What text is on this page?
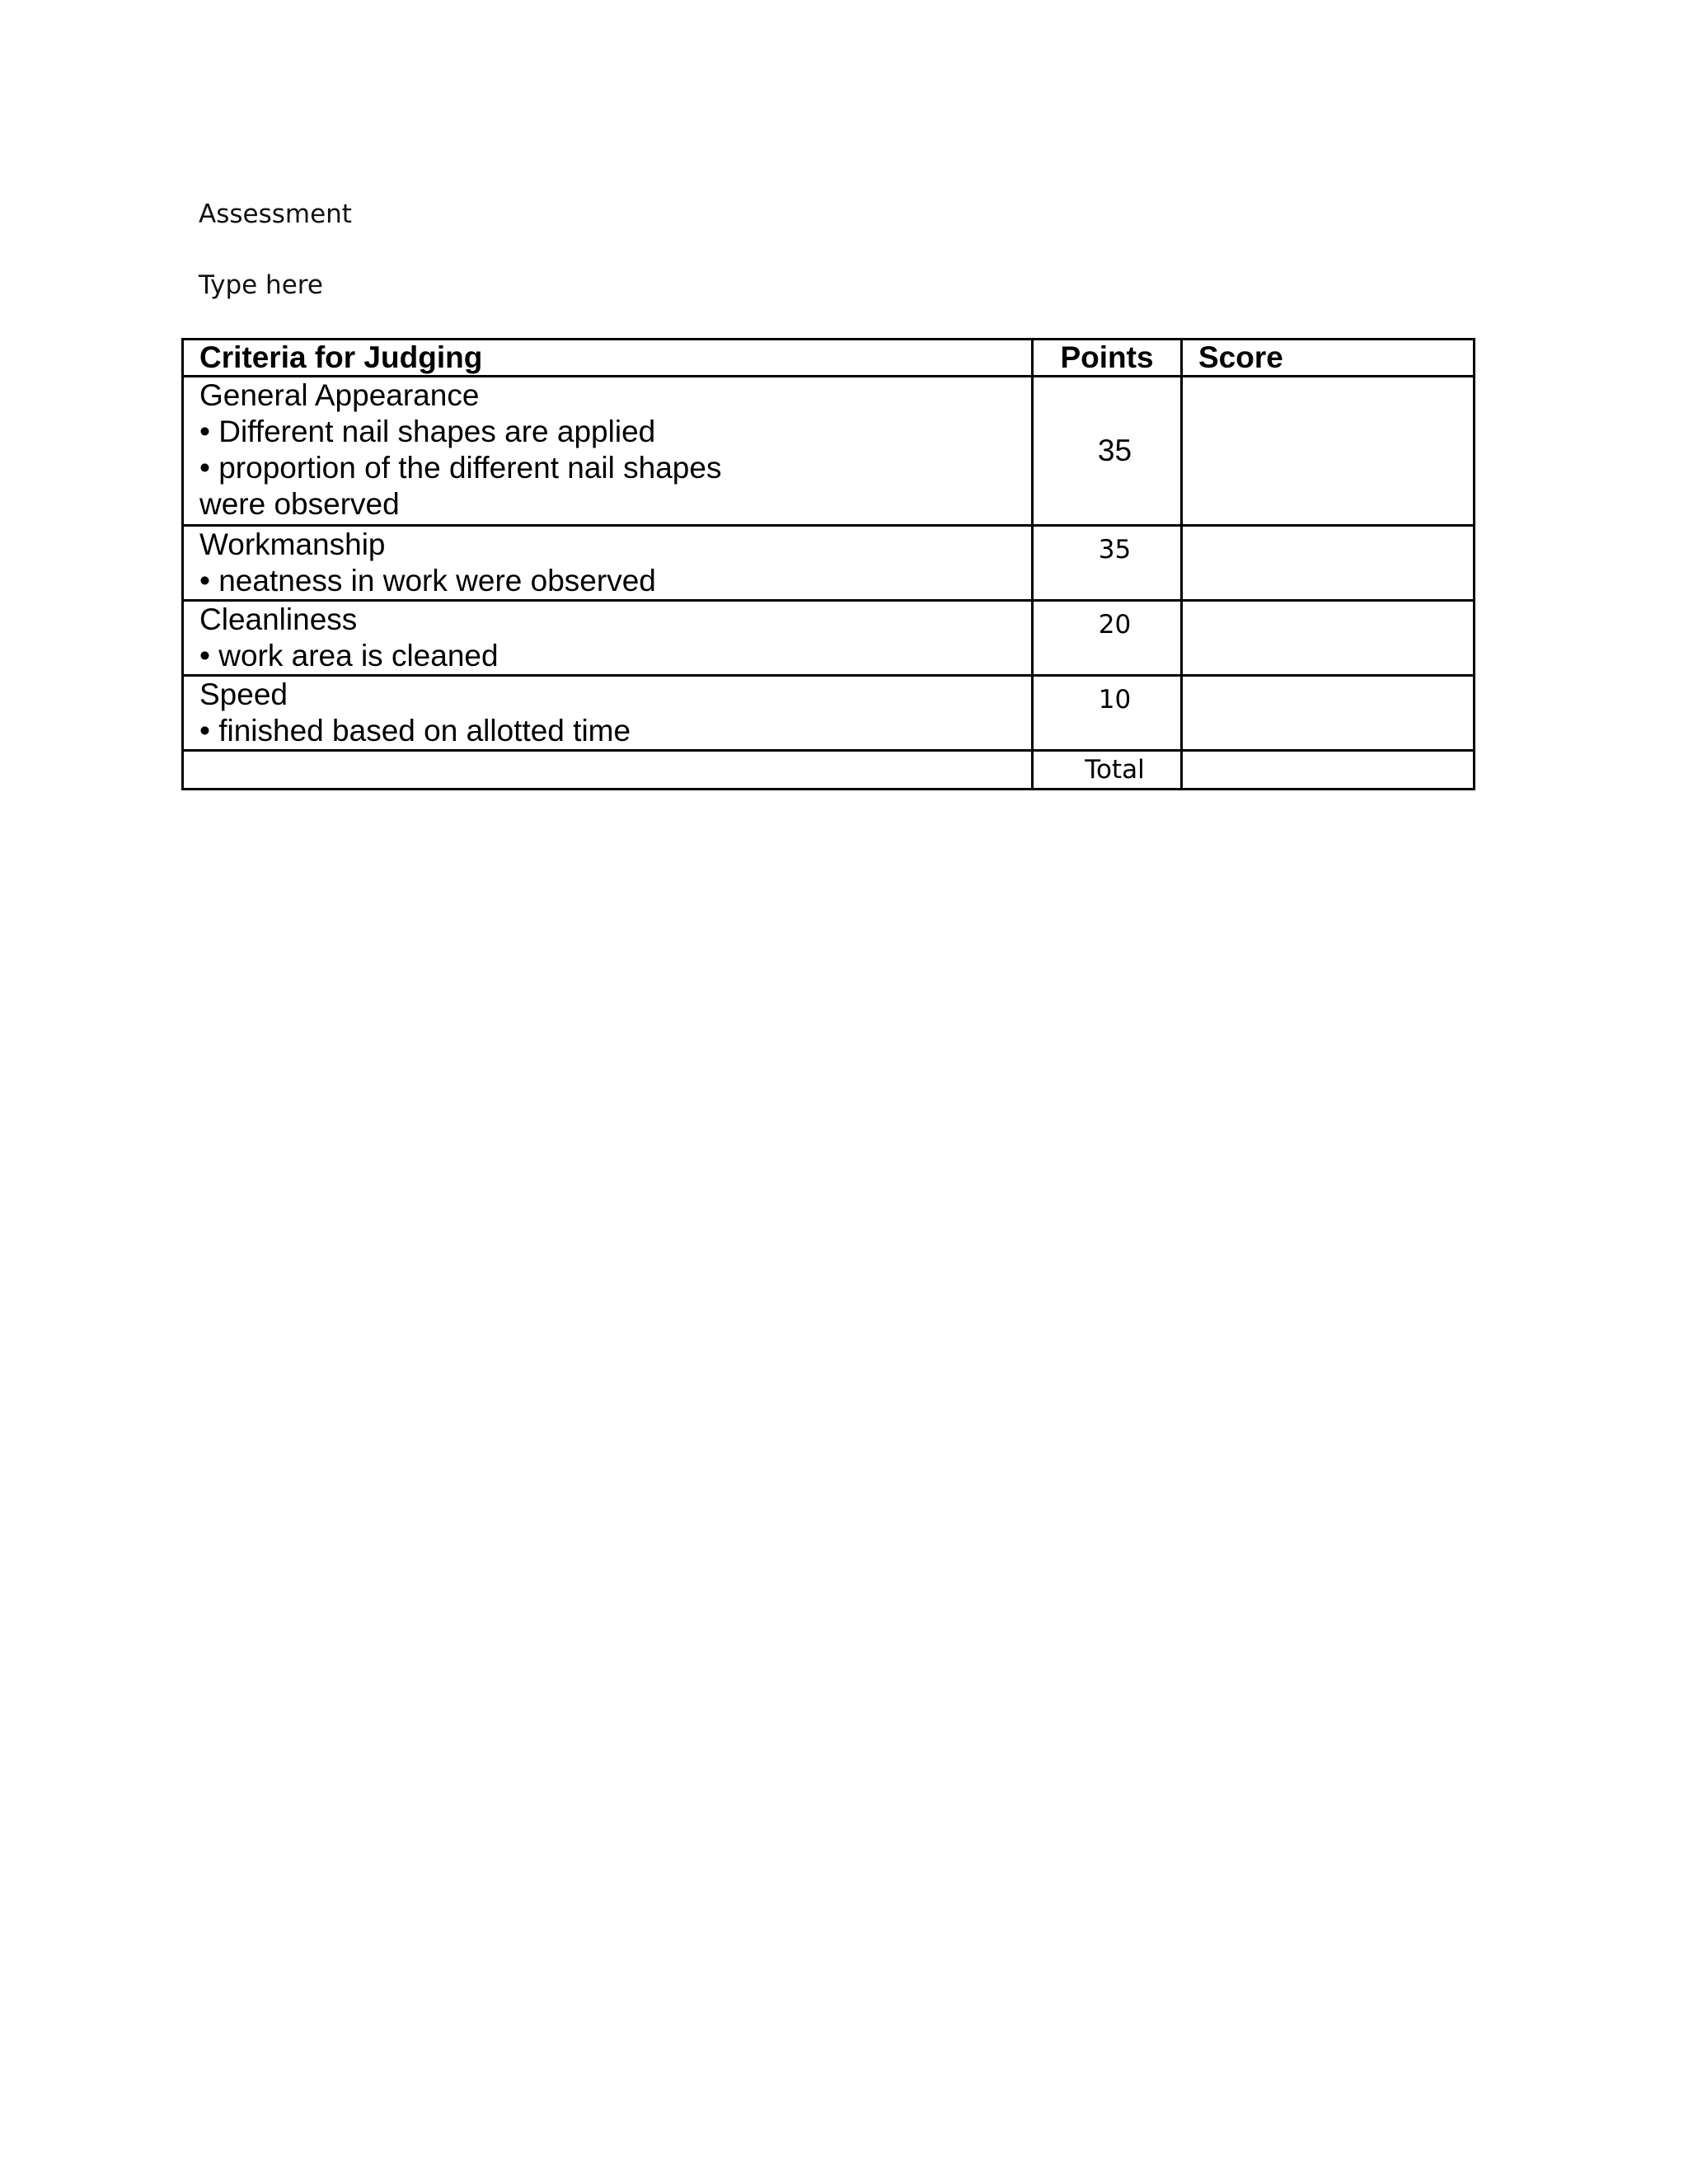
Assessment
Type here
Criteria for Judging	Points	Score

General Appearance
• Different nail shapes are applied
• proportion of the different nail shapes were observed	35	

Workmanship
• neatness in work were observed	35	

Cleanliness
• work area is cleaned	20	

Speed
• finished based on allotted time	10	
	Total	
